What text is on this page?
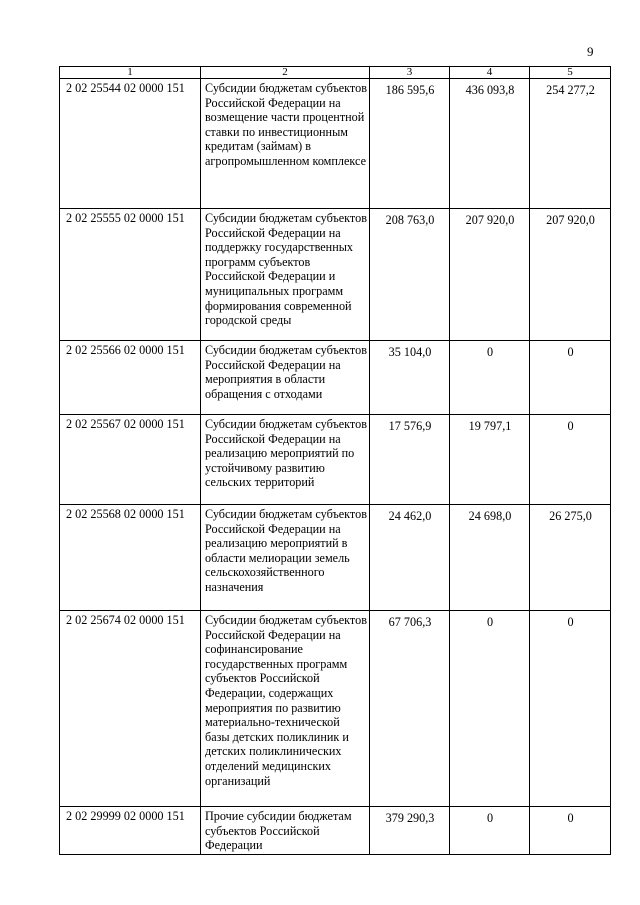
9
1	2	3	4	5
2 02 25544 02 0000 151	Субсидии бюджетам субъектов Российской Федерации на возмещение части процентной ставки по инвестиционным кредитам (займам) в агропромышленном комплексе	186 595,6	436 093,8	254 277,2
2 02 25555 02 0000 151	Субсидии бюджетам субъектов Российской Федерации на поддержку государственных программ субъектов Российской Федерации и муниципальных программ формирования современной городской среды	208 763,0	207 920,0	207 920,0
2 02 25566 02 0000 151	Субсидии бюджетам субъектов Российской Федерации на мероприятия в области обращения с отходами	35 104,0	0	0
2 02 25567 02 0000 151	Субсидии бюджетам субъектов Российской Федерации на реализацию мероприятий по устойчивому развитию сельских территорий	17 576,9	19 797,1	0
2 02 25568 02 0000 151	Субсидии бюджетам субъектов Российской Федерации на реализацию мероприятий в области мелиорации земель сельскохозяйственного назначения	24 462,0	24 698,0	26 275,0
2 02 25674 02 0000 151	Субсидии бюджетам субъектов Российской Федерации на софинансирование государственных программ субъектов Российской Федерации, содержащих мероприятия по развитию материально-технической базы детских поликлиник и детских поликлинических отделений медицинских организаций	67 706,3	0	0
2 02 29999 02 0000 151	Прочие субсидии бюджетам субъектов Российской Федерации	379 290,3	0	0
